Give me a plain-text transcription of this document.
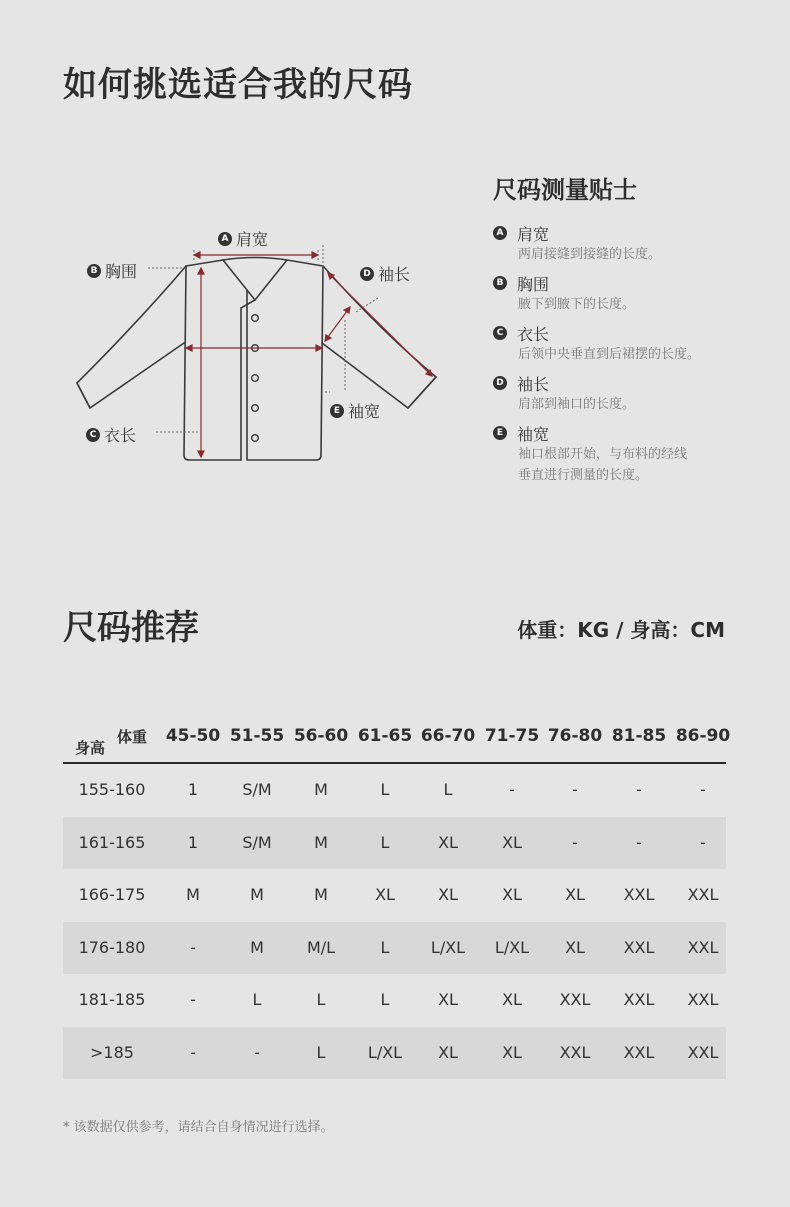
如何挑选适合我的尺码
A 肩宽
B 胸围	D 袖长
E 袖宽
C 衣长
尺码测量贴士
A 肩宽
两肩接缝到接缝的长度。
B 胸围
腋下到腋下的长度。
C 衣长
后领中央垂直到后裙摆的长度。
D 袖长
肩部到袖口的长度。
E 袖宽
袖口根部开始，与布料的经线
垂直进行测量的长度。
尺码推荐	体重：KG / 身高：CM
体重
身高
45-50 51-55 56-60 61-65 66-70 71-75 76-80 81-85 86-90
155-160	1	S/M	M	L	L	-	-	-	-
161-165	1	S/M	M	L	XL	XL	-	-	-
166-175	M	M	M	XL	XL	XL	XL	XXL	XXL
176-180	-	M	M/L	L	L/XL	L/XL	XL	XXL	XXL
181-185	-	L	L	L	XL	XL	XXL	XXL	XXL
>185	-	-	L	L/XL	XL	XL	XXL	XXL	XXL
* 该数据仅供参考，请结合自身情况进行选择。
